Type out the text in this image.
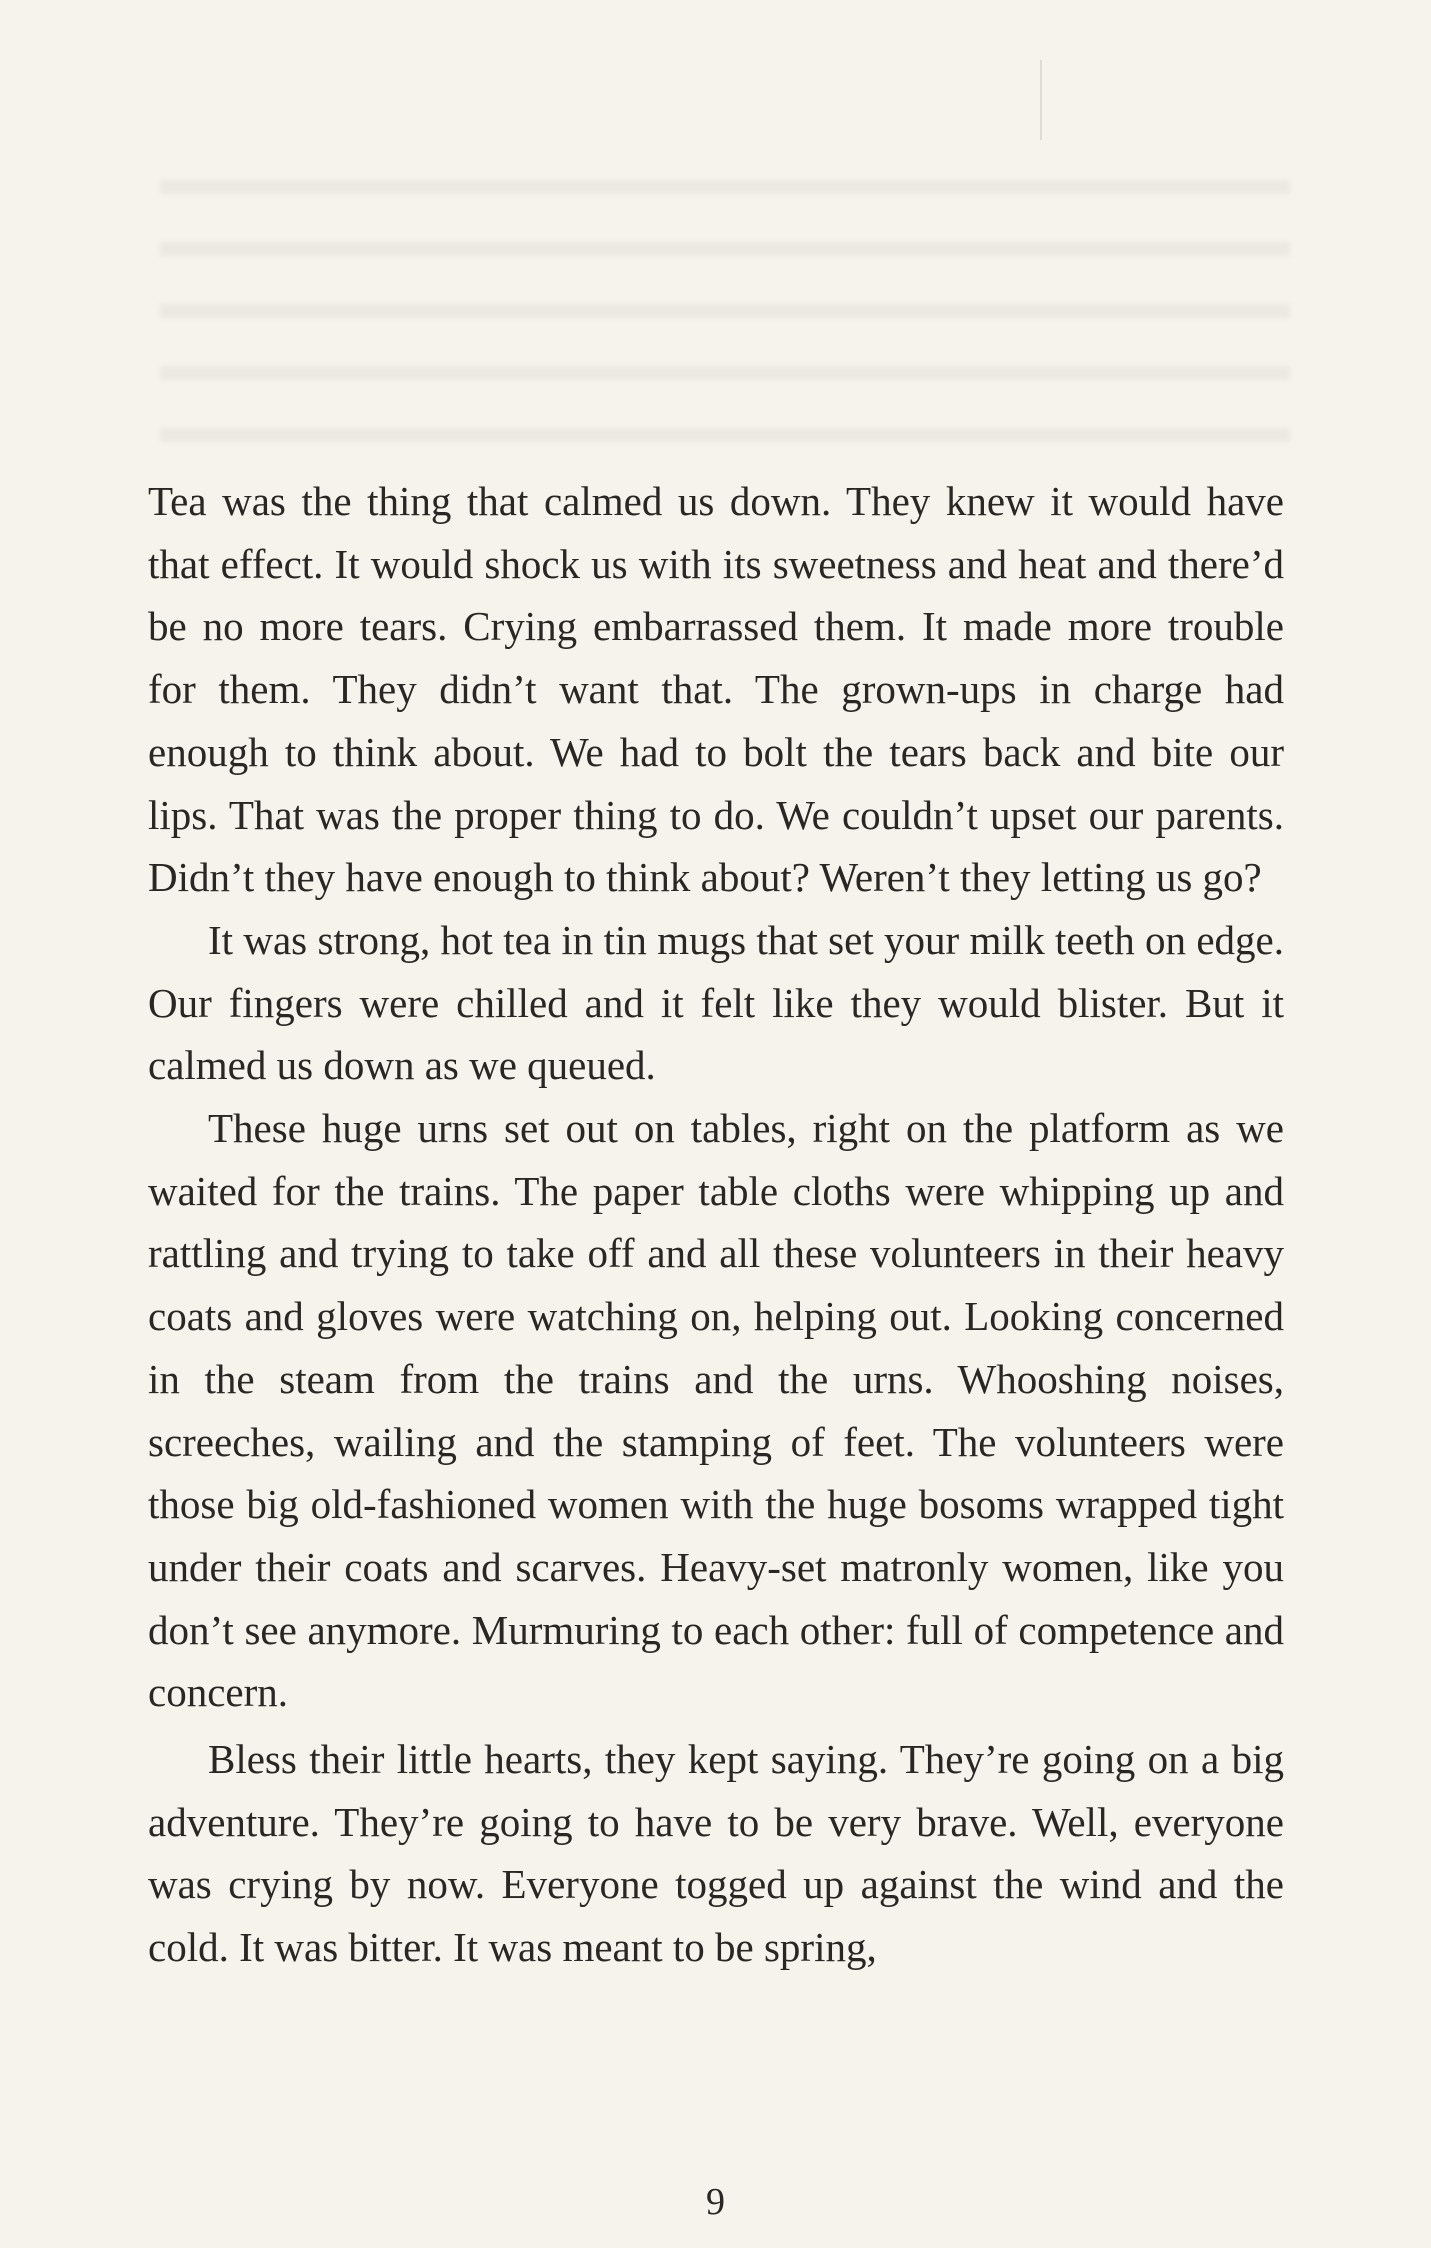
Tea was the thing that calmed us down. They knew it would have that effect. It would shock us with its sweetness and heat and there’d be no more tears. Crying embarrassed them. It made more trouble for them. They didn’t want that. The grown-ups in charge had enough to think about. We had to bolt the tears back and bite our lips. That was the proper thing to do. We couldn’t upset our parents. Didn’t they have enough to think about? Weren’t they letting us go?

It was strong, hot tea in tin mugs that set your milk teeth on edge. Our fingers were chilled and it felt like they would blister. But it calmed us down as we queued.

These huge urns set out on tables, right on the platform as we waited for the trains. The paper table cloths were whipping up and rattling and trying to take off and all these volunteers in their heavy coats and gloves were watching on, helping out. Looking concerned in the steam from the trains and the urns. Whooshing noises, screeches, wailing and the stamping of feet. The volunteers were those big old-fashioned women with the huge bosoms wrapped tight under their coats and scarves. Heavy-set matronly women, like you don’t see anymore. Murmuring to each other: full of competence and concern.

Bless their little hearts, they kept saying. They’re going on a big adventure. They’re going to have to be very brave. Well, everyone was crying by now. Everyone togged up against the wind and the cold. It was bitter. It was meant to be spring,

9
